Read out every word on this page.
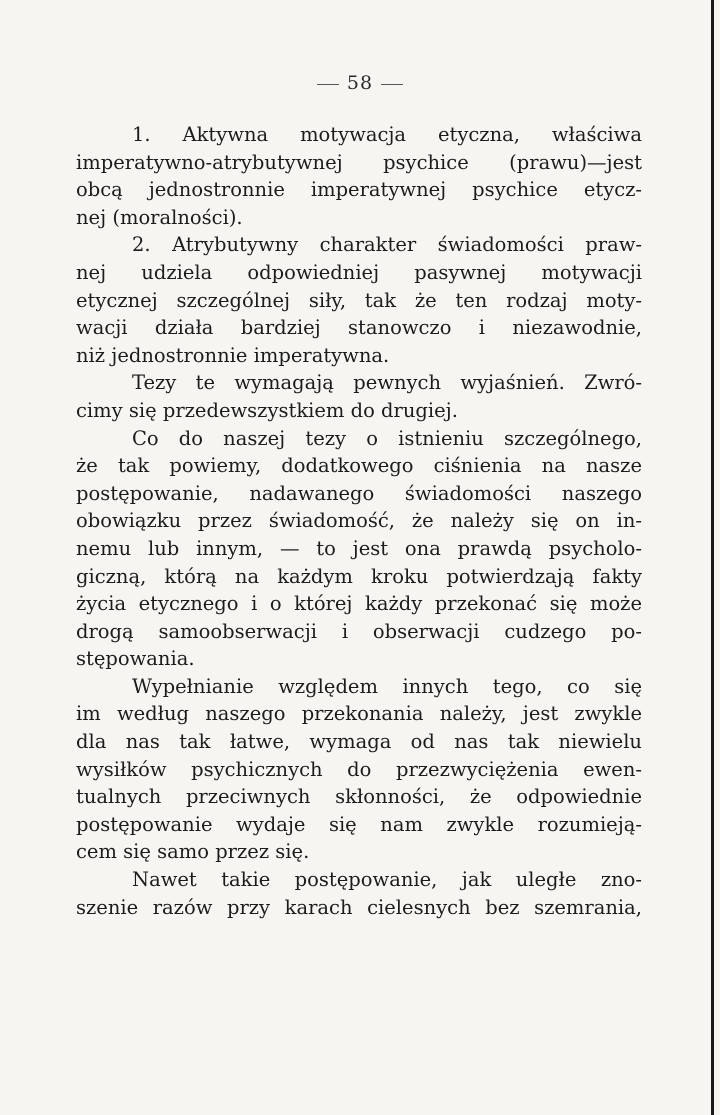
58
1. Aktywna motywacja etyczna, właściwa
imperatywno-atrybutywnej psychice (prawu)—jest
obcą jednostronnie imperatywnej psychice etycz-
nej (moralności).
2. Atrybutywny charakter świadomości praw-
nej udziela odpowiedniej pasywnej motywacji
etycznej szczególnej siły, tak że ten rodzaj moty-
wacji działa bardziej stanowczo i niezawodnie,
niż jednostronnie imperatywna.
Tezy te wymagają pewnych wyjaśnień. Zwró-
cimy się przedewszystkiem do drugiej.
Co do naszej tezy o istnieniu szczególnego,
że tak powiemy, dodatkowego ciśnienia na nasze
postępowanie, nadawanego świadomości naszego
obowiązku przez świadomość, że należy się on in-
nemu lub innym, — to jest ona prawdą psycholo-
giczną, którą na każdym kroku potwierdzają fakty
życia etycznego i o której każdy przekonać się może
drogą samoobserwacji i obserwacji cudzego po-
stępowania.
Wypełnianie względem innych tego, co się
im według naszego przekonania należy, jest zwykle
dla nas tak łatwe, wymaga od nas tak niewielu
wysiłków psychicznych do przezwyciężenia ewen-
tualnych przeciwnych skłonności, że odpowiednie
postępowanie wydaje się nam zwykle rozumieją-
cem się samo przez się.
Nawet takie postępowanie, jak uległe zno-
szenie razów przy karach cielesnych bez szemrania,
